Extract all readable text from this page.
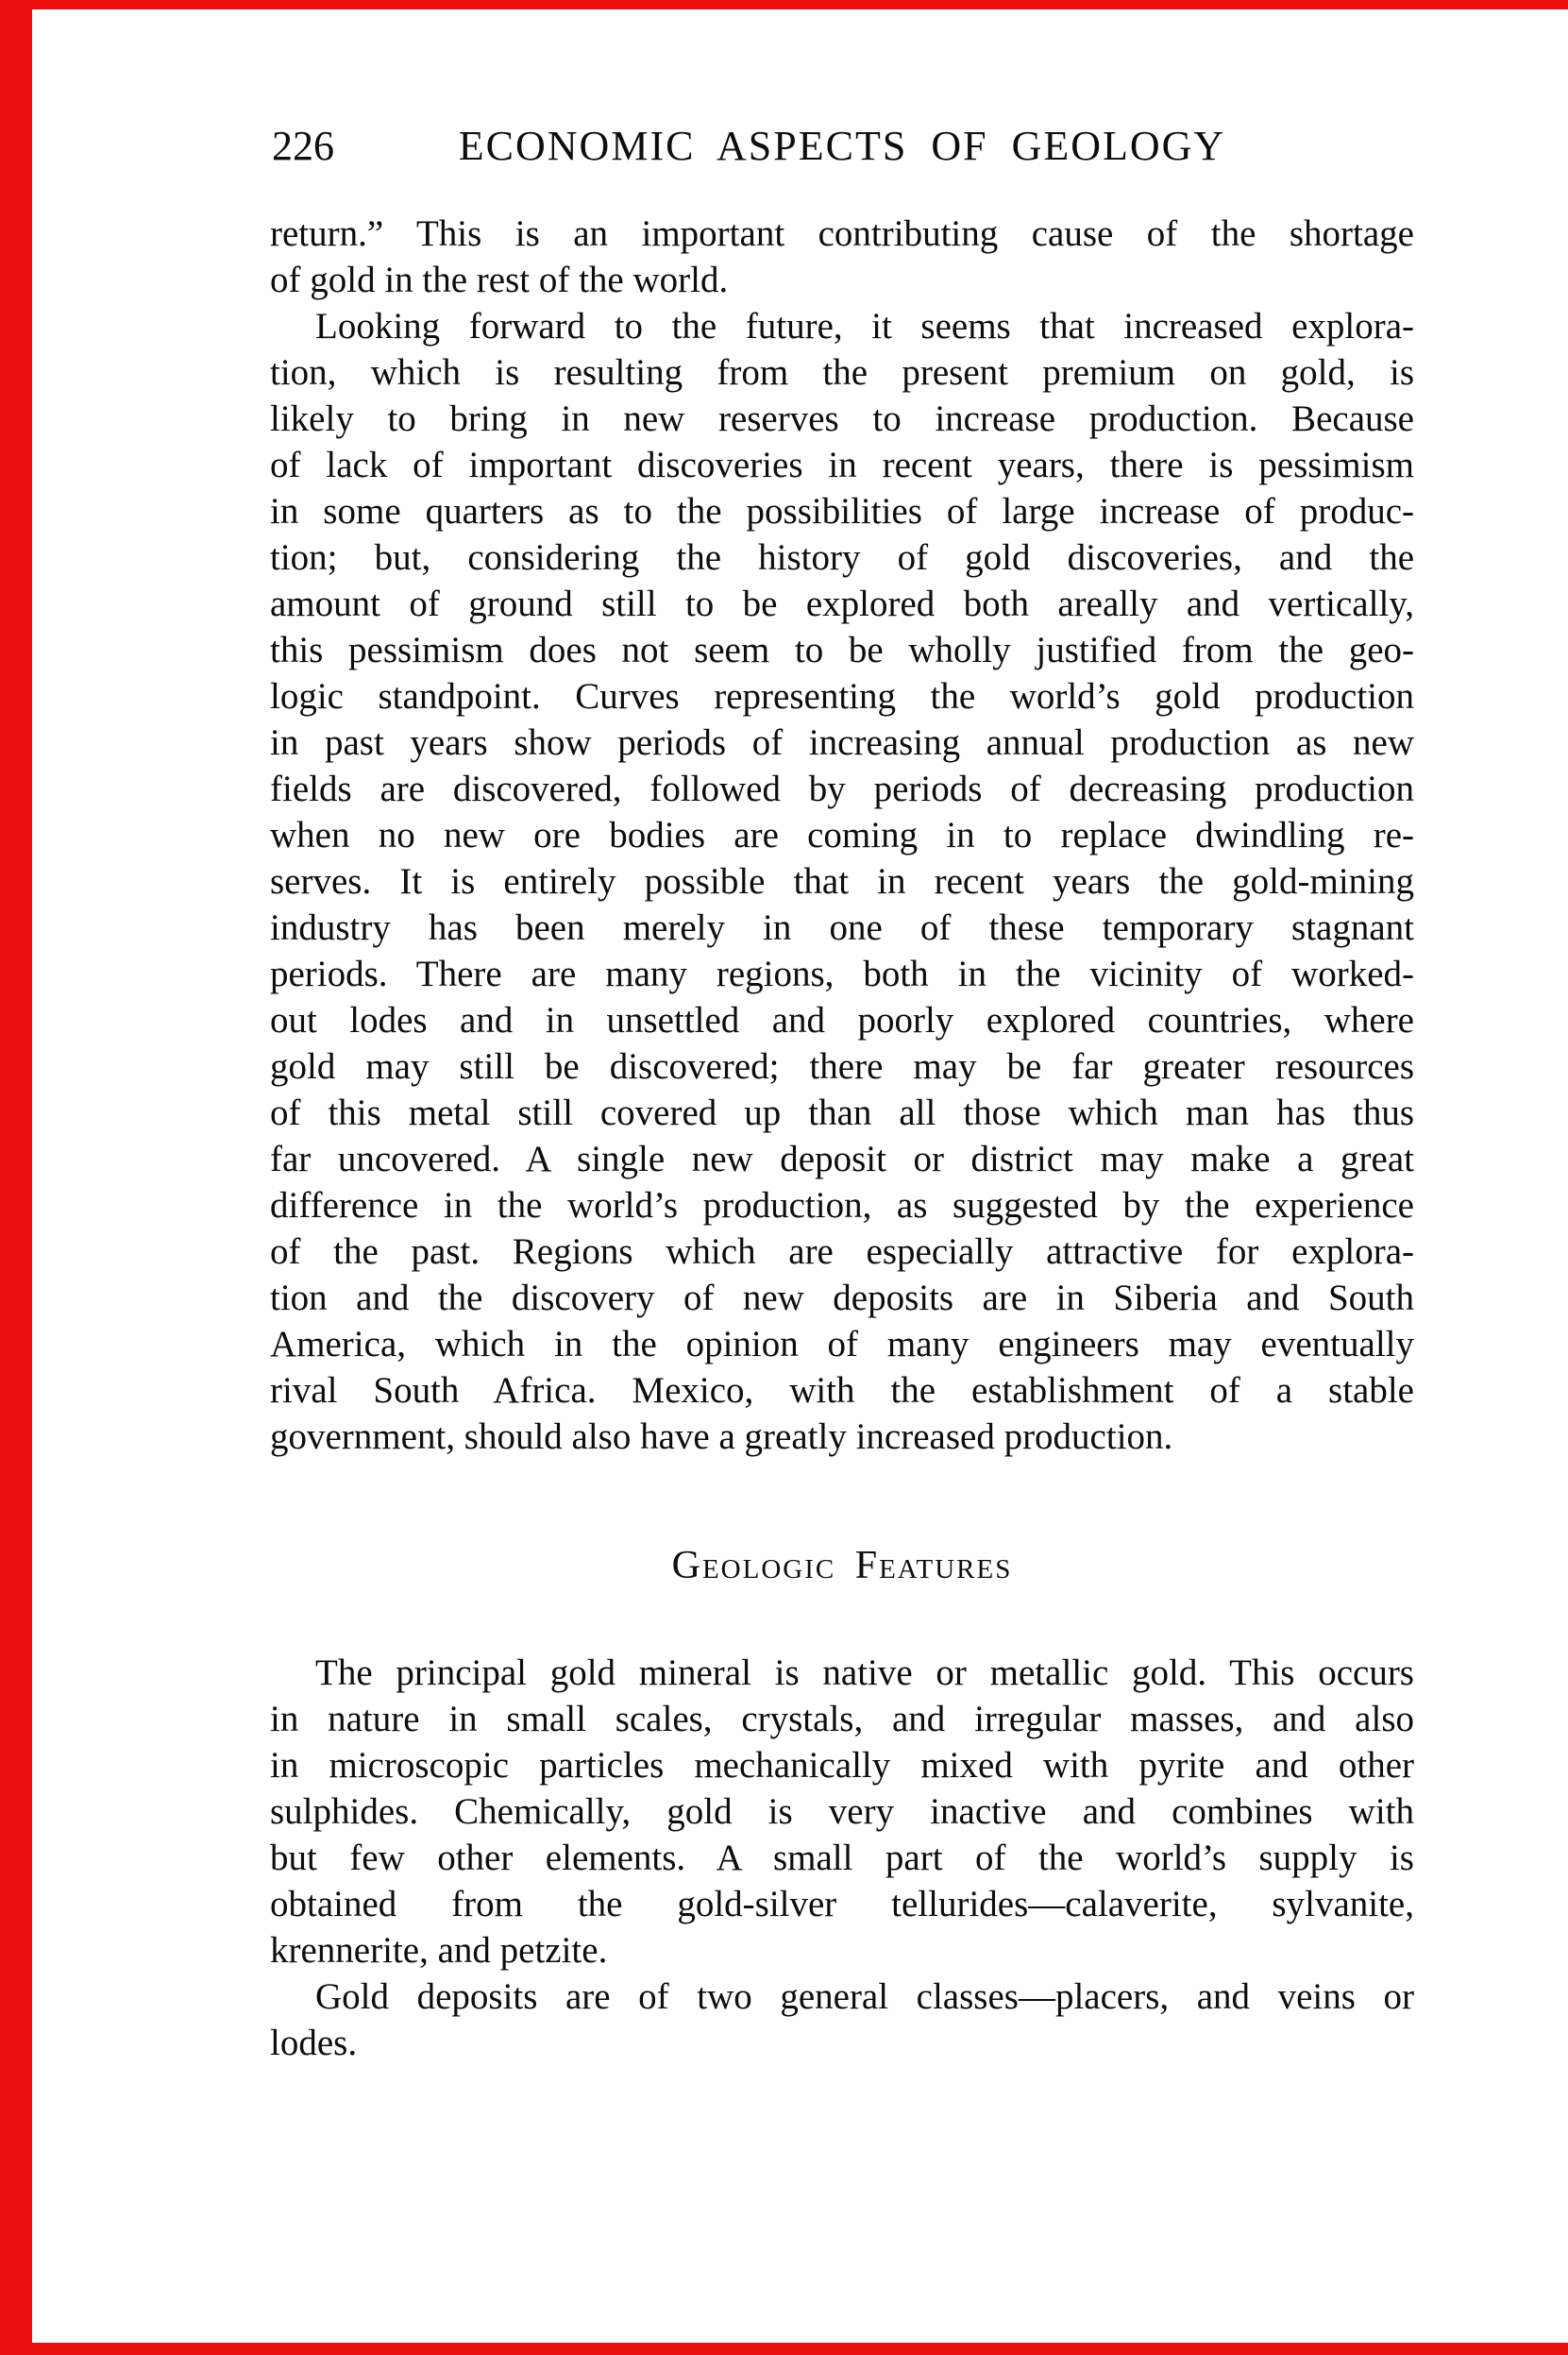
226	ECONOMIC ASPECTS OF GEOLOGY
return.” This is an important contributing cause of the shortage
of gold in the rest of the world.
Looking forward to the future, it seems that increased explora-
tion, which is resulting from the present premium on gold, is
likely to bring in new reserves to increase production. Because
of lack of important discoveries in recent years, there is pessimism
in some quarters as to the possibilities of large increase of produc-
tion; but, considering the history of gold discoveries, and the
amount of ground still to be explored both areally and vertically,
this pessimism does not seem to be wholly justified from the geo-
logic standpoint. Curves representing the world’s gold production
in past years show periods of increasing annual production as new
fields are discovered, followed by periods of decreasing production
when no new ore bodies are coming in to replace dwindling re-
serves. It is entirely possible that in recent years the gold-mining
industry has been merely in one of these temporary stagnant
periods. There are many regions, both in the vicinity of worked-
out lodes and in unsettled and poorly explored countries, where
gold may still be discovered; there may be far greater resources
of this metal still covered up than all those which man has thus
far uncovered. A single new deposit or district may make a great
difference in the world’s production, as suggested by the experience
of the past. Regions which are especially attractive for explora-
tion and the discovery of new deposits are in Siberia and South
America, which in the opinion of many engineers may eventually
rival South Africa. Mexico, with the establishment of a stable
government, should also have a greatly increased production.
Geologic Features
The principal gold mineral is native or metallic gold. This occurs
in nature in small scales, crystals, and irregular masses, and also
in microscopic particles mechanically mixed with pyrite and other
sulphides. Chemically, gold is very inactive and combines with
but few other elements. A small part of the world’s supply is
obtained from the gold-silver tellurides—calaverite, sylvanite,
krennerite, and petzite.
Gold deposits are of two general classes—placers, and veins or
lodes.
